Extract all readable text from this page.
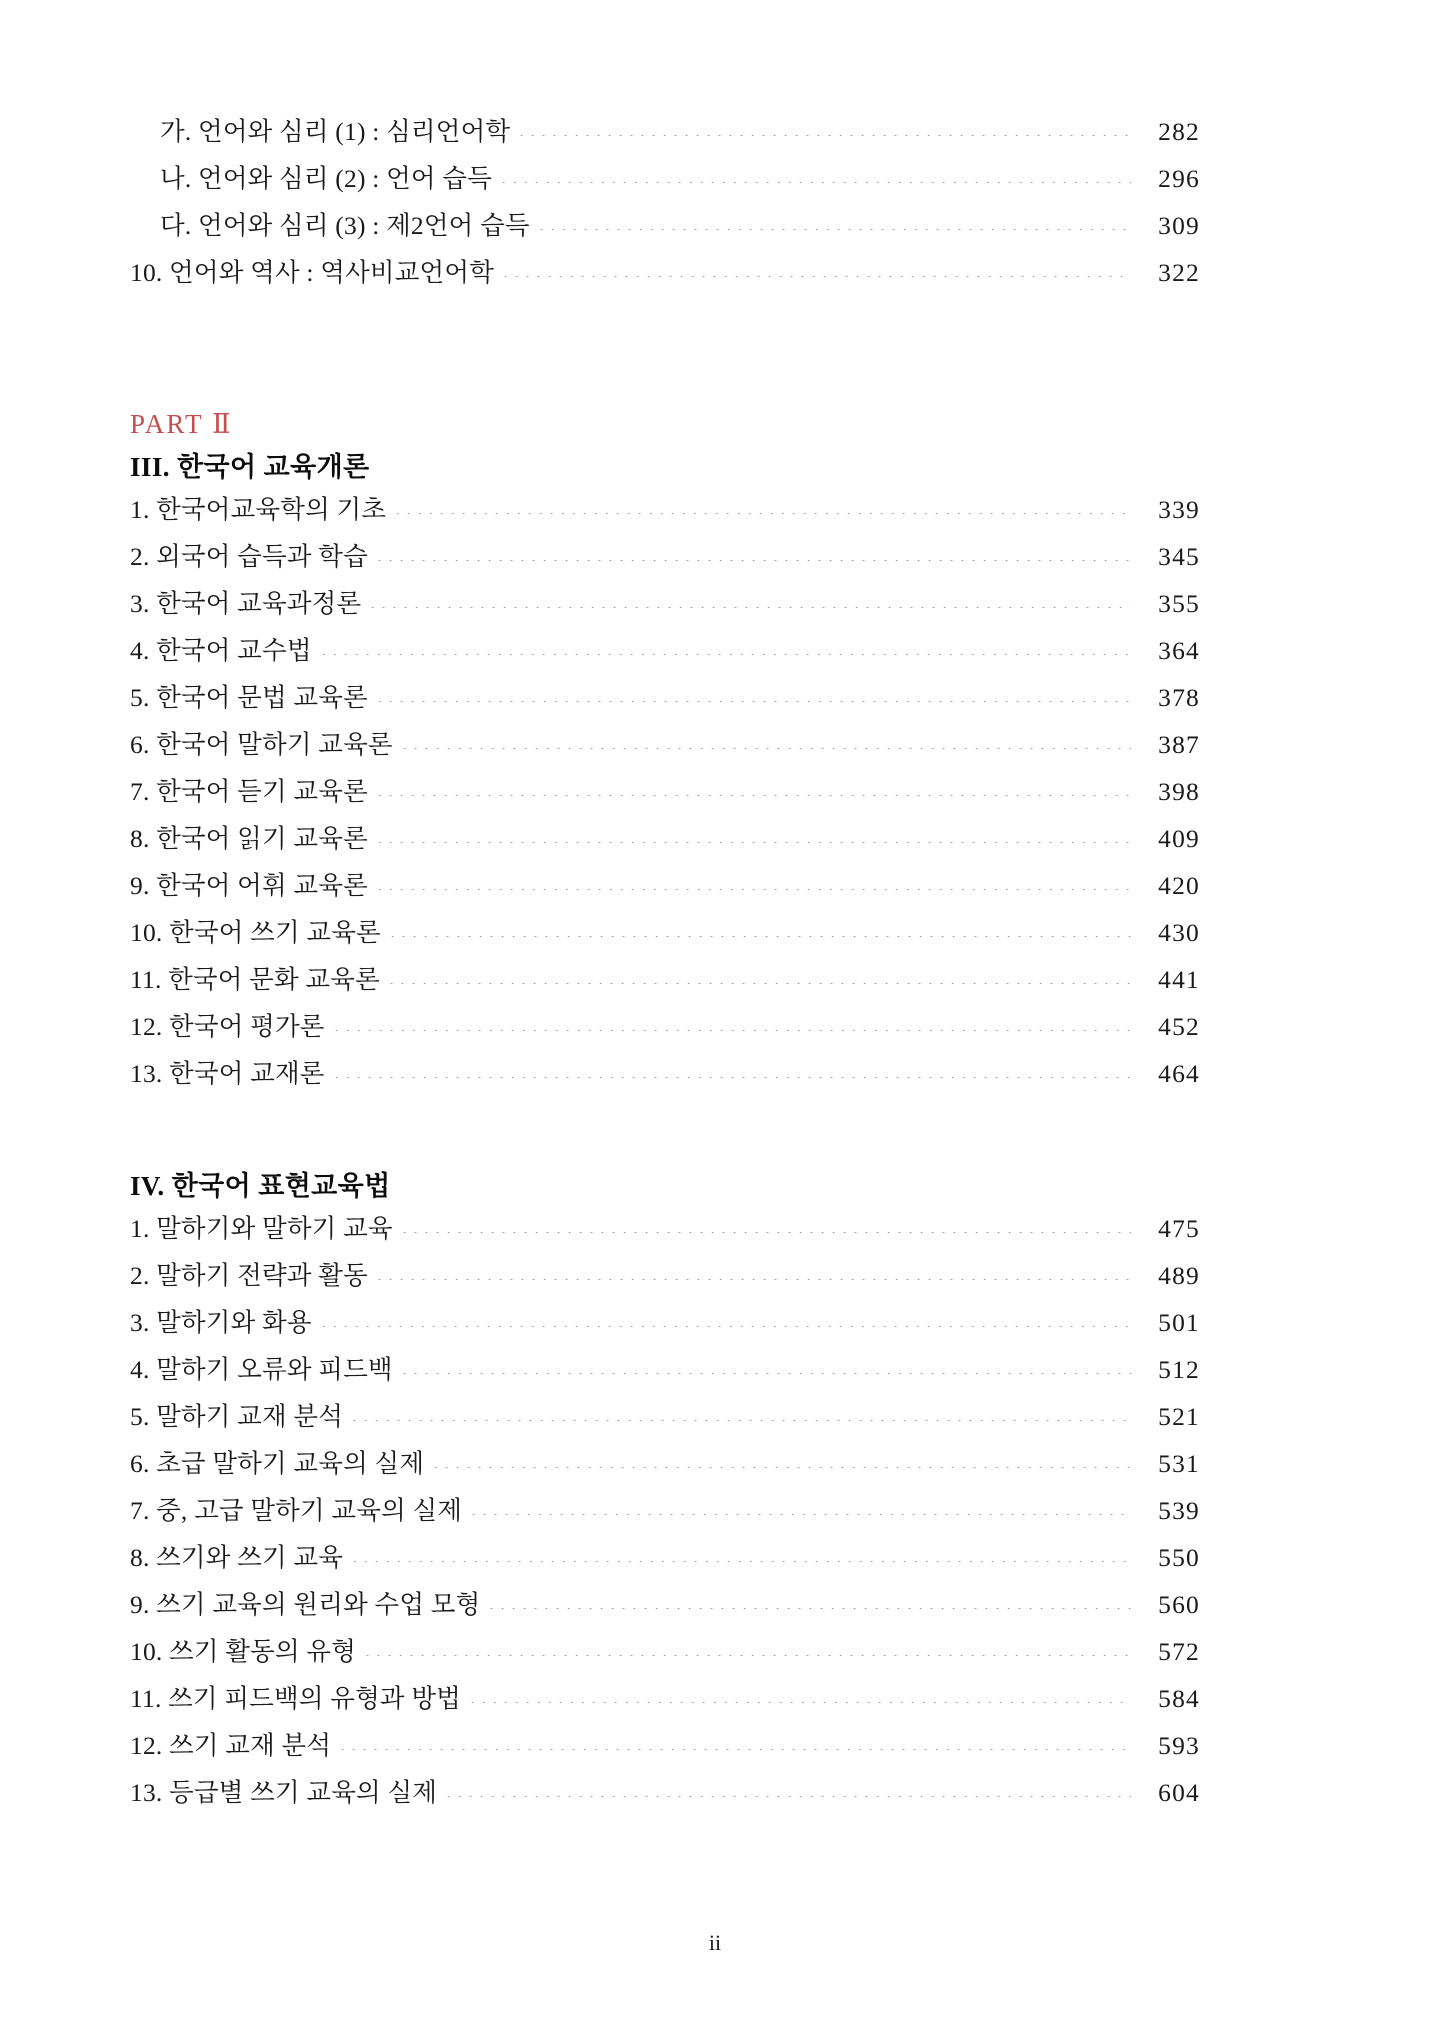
가. 언어와 심리 (1) : 심리언어학	282
나. 언어와 심리 (2) : 언어 습득	296
다. 언어와 심리 (3) : 제2언어 습득	309
10. 언어와 역사 : 역사비교언어학	322
PART Ⅱ
III. 한국어 교육개론
1. 한국어교육학의 기초	339
2. 외국어 습득과 학습	345
3. 한국어 교육과정론	355
4. 한국어 교수법	364
5. 한국어 문법 교육론	378
6. 한국어 말하기 교육론	387
7. 한국어 듣기 교육론	398
8. 한국어 읽기 교육론	409
9. 한국어 어휘 교육론	420
10. 한국어 쓰기 교육론	430
11. 한국어 문화 교육론	441
12. 한국어 평가론	452
13. 한국어 교재론	464
IV. 한국어 표현교육법
1. 말하기와 말하기 교육	475
2. 말하기 전략과 활동	489
3. 말하기와 화용	501
4. 말하기 오류와 피드백	512
5. 말하기 교재 분석	521
6. 초급 말하기 교육의 실제	531
7. 중, 고급 말하기 교육의 실제	539
8. 쓰기와 쓰기 교육	550
9. 쓰기 교육의 원리와 수업 모형	560
10. 쓰기 활동의 유형	572
11. 쓰기 피드백의 유형과 방법	584
12. 쓰기 교재 분석	593
13. 등급별 쓰기 교육의 실제	604
ii
